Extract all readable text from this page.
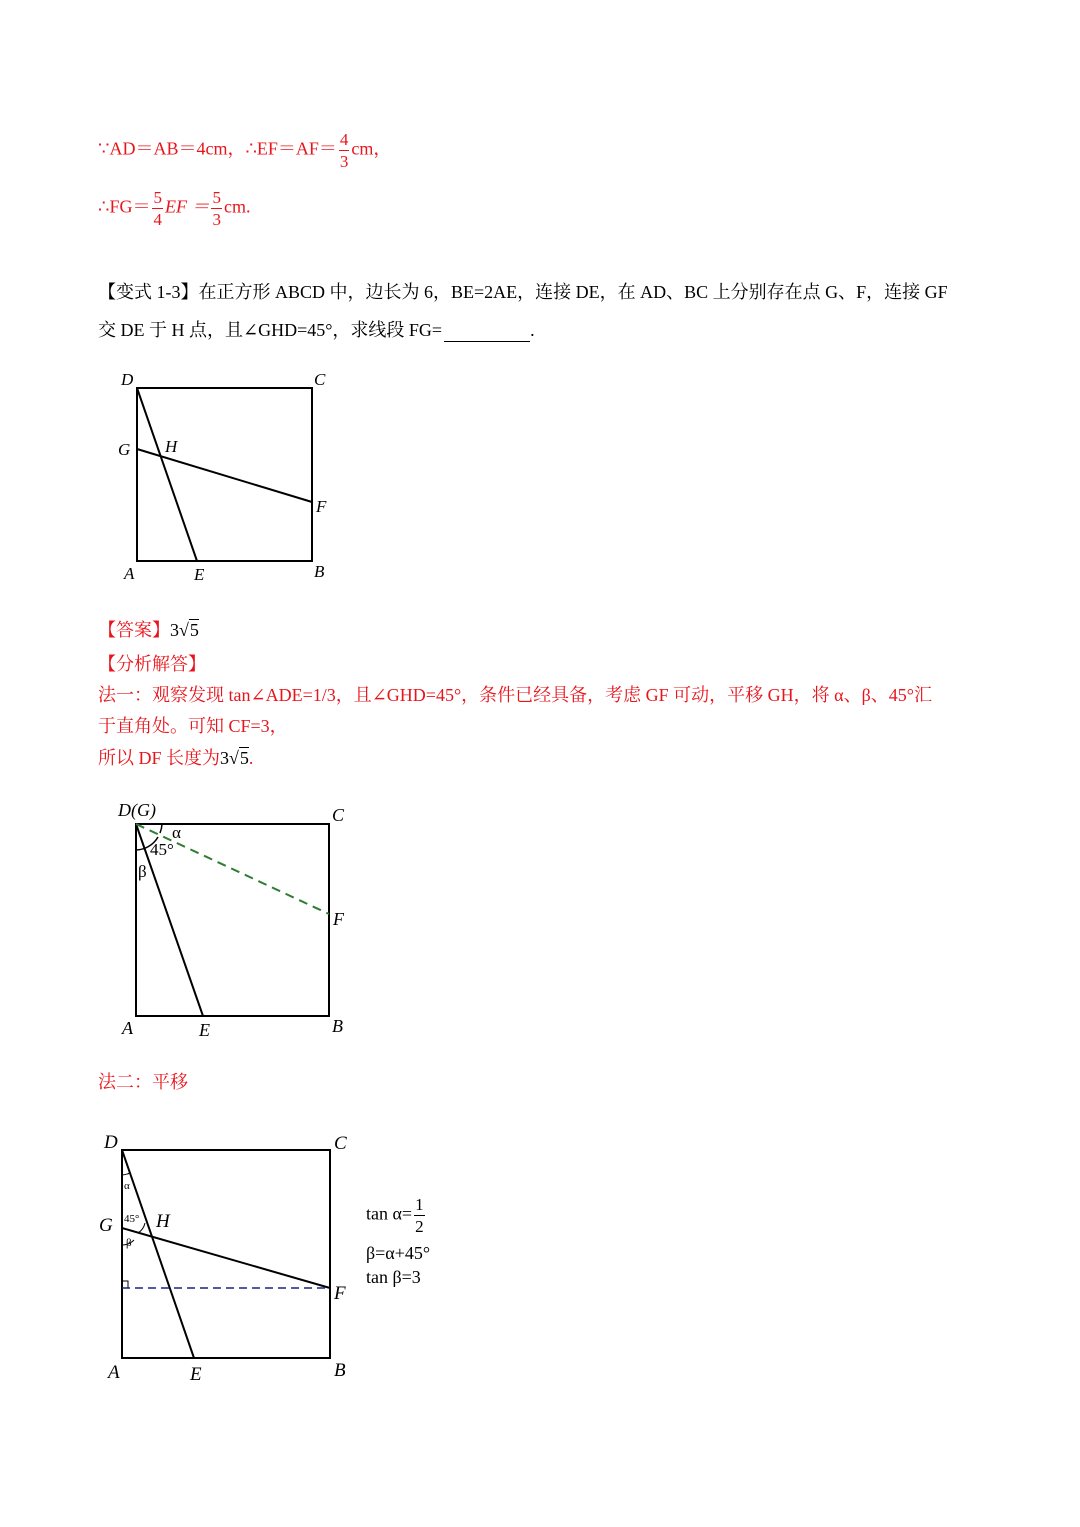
∵AD＝AB＝4cm，∴EF＝AF＝ $\frac{4}{3}$ cm，
∴FG＝ $\frac{5}{4}$ EF ＝ $\frac{5}{3}$ cm.
【变式 1-3】在正方形 ABCD 中，边长为 6，BE=2AE，连接 DE，在 AD、BC 上分别存在点 G、F，连接 GF
交 DE 于 H 点，且∠GHD=45°，求线段 FG=	.
D	C
G H
F
A	E	B
【答案】3√5
【分析解答】
法一：观察发现 tan∠ADE=1/3，且∠GHD=45°，条件已经具备，考虑 GF 可动，平移 GH，将 α、β、45°汇
于直角处。可知 CF=3，
所以 DF 长度为3√5.
D(G)	C
α
45°
β
F
A	E	B
法二：平移
D	C
G H
F
A	E	B
α
45°
β
$\tan \alpha= \frac{1}{2}$
β=α+45°
tan β=3
